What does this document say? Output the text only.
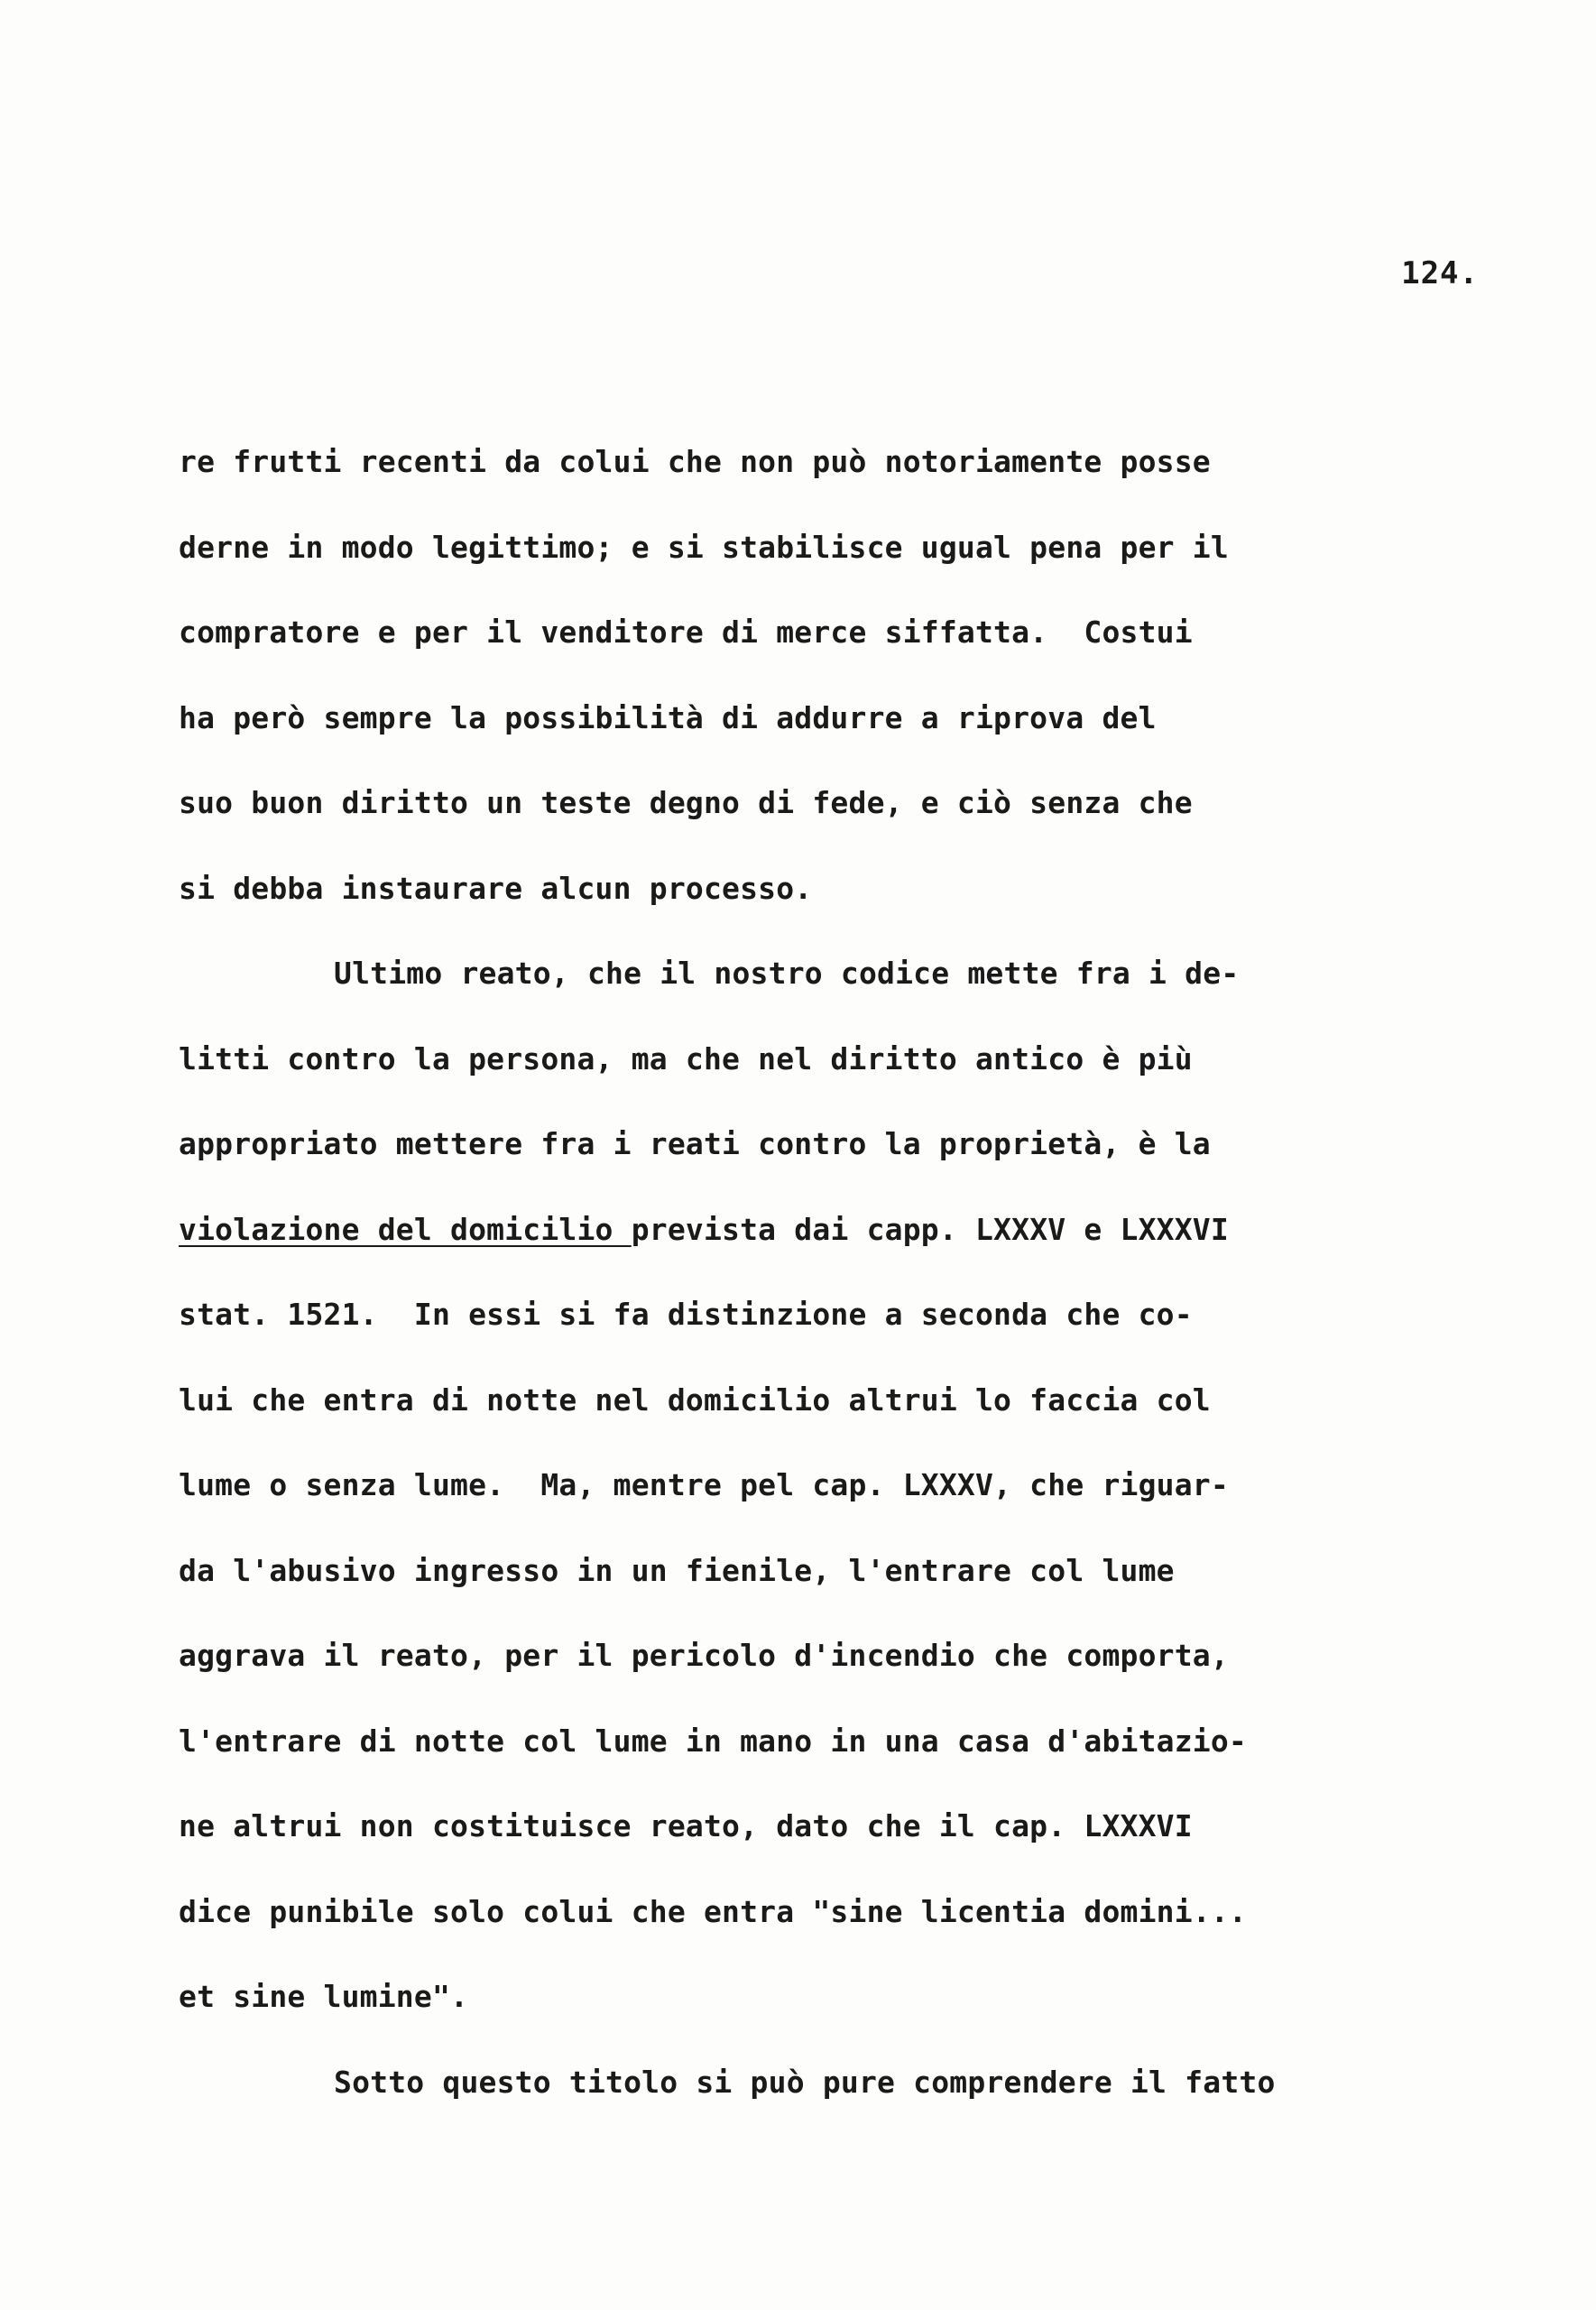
124.
re frutti recenti da colui che non può notoriamente posse
derne in modo legittimo; e si stabilisce ugual pena per il
compratore e per il venditore di merce siffatta.  Costui
ha però sempre la possibilità di addurre a riprova del
suo buon diritto un teste degno di fede, e ciò senza che
si debba instaurare alcun processo.
Ultimo reato, che il nostro codice mette fra i de-
litti contro la persona, ma che nel diritto antico è più
appropriato mettere fra i reati contro la proprietà, è la
violazione del domicilio prevista dai capp. LXXXV e LXXXVI
stat. 1521.  In essi si fa distinzione a seconda che co-
lui che entra di notte nel domicilio altrui lo faccia col
lume o senza lume.  Ma, mentre pel cap. LXXXV, che riguar-
da l'abusivo ingresso in un fienile, l'entrare col lume
aggrava il reato, per il pericolo d'incendio che comporta,
l'entrare di notte col lume in mano in una casa d'abitazio-
ne altrui non costituisce reato, dato che il cap. LXXXVI
dice punibile solo colui che entra "sine licentia domini...
et sine lumine".
Sotto questo titolo si può pure comprendere il fatto
